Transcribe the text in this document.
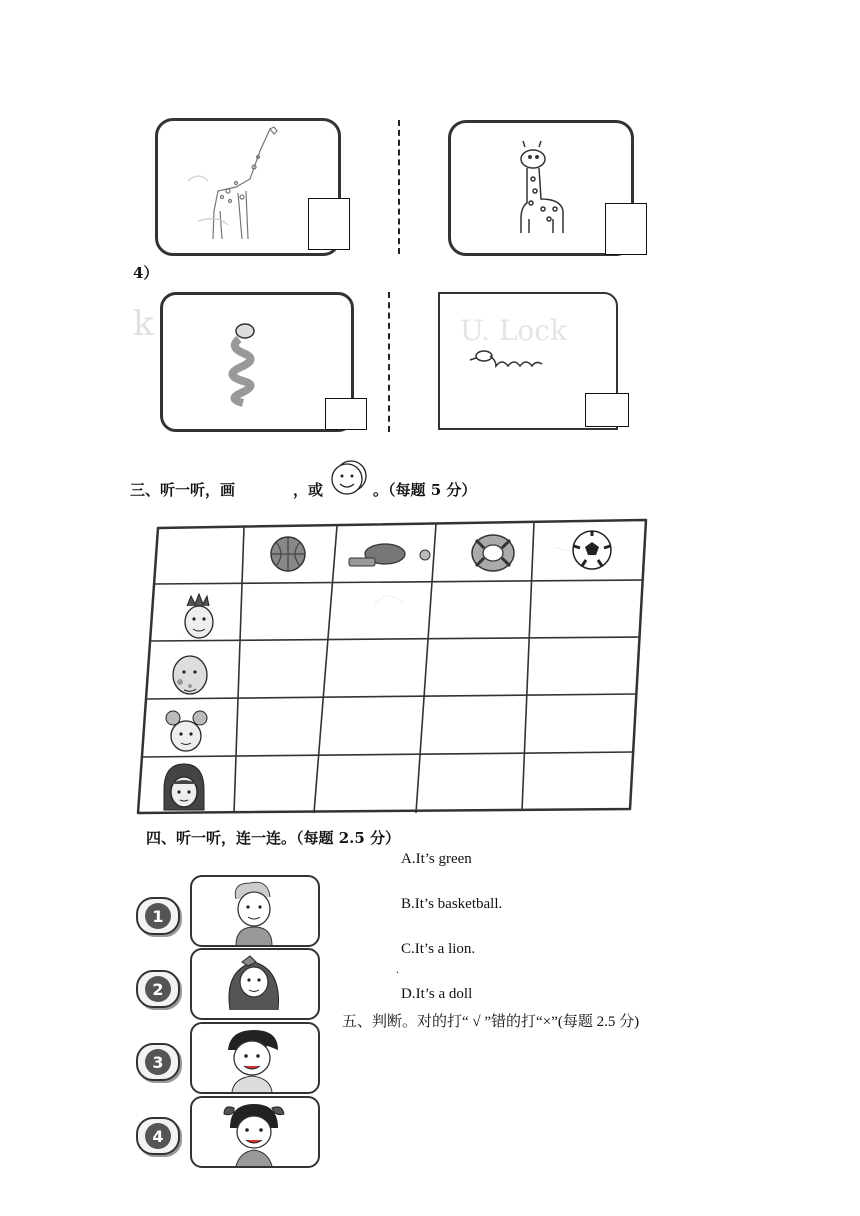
4）
k	U. Lock
三、听一听，画	，或	。（每题 5 分）
四、听一听，连一连。（每题 2.5 分）
A.It’s green
B.It’s basketball.
C.It’s a lion.
.
D.It’s a doll
1
2
3
4
五、判断。对的打“ √ ”错的打“×”(每题 2.5 分)
